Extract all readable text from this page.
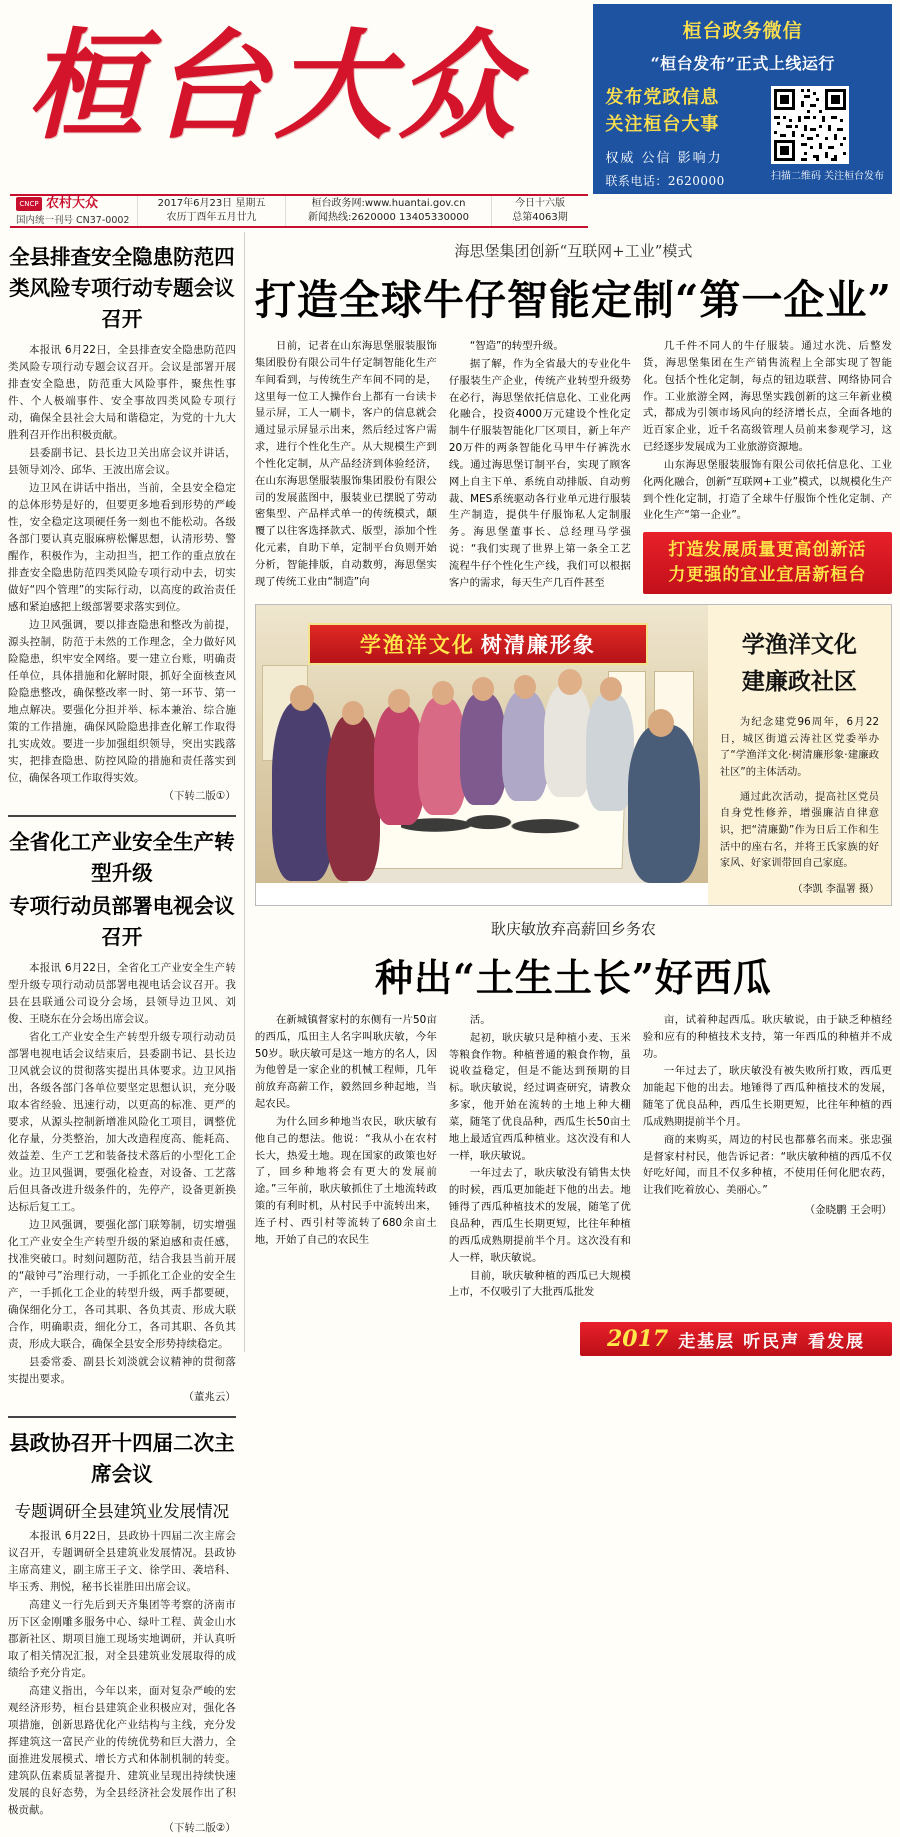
桓台大众	桓台政务微信
“桓台发布”正式上线运行
发布党政信息
关注桓台大事
权威 公信 影响力
联系电话：2620000	扫描二维码 关注桓台发布
CNCP 农村大众
国内统一刊号 CN37-0002
2017年6月23日 星期五
农历丁酉年五月廿九
桓台政务网:www.huantai.gov.cn
新闻热线:2620000 13405330000
今日十六版
总第4063期
全县排查安全隐患防范四类风险专项行动专题会议召开

本报讯 6月22日，全县排查安全隐患防范四类风险专项行动专题会议召开。会议是部署开展排查安全隐患，防范重大风险事件，聚焦性事件、个人极端事件、安全事故四类风险专项行动，确保全县社会大局和谐稳定，为党的十九大胜利召开作出积极贡献。

县委副书记、县长边卫关出席会议并讲话，县领导刘冷、邱华、王波出席会议。

边卫风在讲话中指出，当前，全县安全稳定的总体形势是好的，但要更多地看到形势的严峻性，安全稳定这项硬任务一刻也不能松动。各级各部门要认真克服麻痹松懈思想，认清形势、警醒作，积极作为，主动担当，把工作的重点放在排查安全隐患防范四类风险专项行动中去，切实做好“四个管理”的实际行动，以高度的政治责任感和紧迫感把上级部署要求落实到位。

边卫风强调，要以排查隐患和整改为前提，源头控制，防范于未然的工作理念，全力做好风险隐患，织牢安全网络。要一建立台账，明确责任单位，具体措施和化解时限，抓好全面核查风险隐患整改，确保整改率一时、第一环节、第一地点解决。要强化分担并举、标本兼治、综合施策的工作措施，确保风险隐患排查化解工作取得扎实成效。要进一步加强组织领导，突出实践落实，把排查隐患、防控风险的措施和责任落实到位，确保各项工作取得实效。

（下转二版①）

全省化工产业安全生产转型升级
专项行动员部署电视会议召开

本报讯 6月22日，全省化工产业安全生产转型升级专项行动动员部署电视电话会议召开。我县在县联通公司设分会场，县领导边卫风、刘俊、王晓东在分会场出席会议。

省化工产业安全生产转型升级专项行动动员部署电视电话会议结束后，县委副书记、县长边卫风就会议的贯彻落实提出具体要求。边卫风指出，各级各部门各单位要坚定思想认识，充分吸取本省经验、迅速行动，以更高的标准、更严的要求，从源头控制新增准风险化工项目，调整优化存量，分类整治，加大改造程度高、能耗高、效益差、生产工艺和装备技术落后的小型化工企业。边卫风强调，要强化检查，对设备、工艺落后但具备改进升级条件的，先停产，设备更新换达标后复工工。

边卫风强调，要强化部门联筹制，切实增强化工产业安全生产转型升级的紧迫感和责任感，找准突破口。时刻问题防范，结合我县当前开展的“敲钟弓”治理行动，一手抓化工企业的安全生产，一手抓化工企业的转型升级，两手都要硬，确保细化分工，各司其职、各负其责、形成大联合作，明确职责，细化分工，各司其职、各负其责，形成大联合，确保全县安全形势持续稳定。

县委常委、副县长刘淡就会议精神的贯彻落实提出要求。

（董兆云）

县政协召开十四届二次主席会议
专题调研全县建筑业发展情况

本报讯 6月22日，县政协十四届二次主席会议召开，专题调研全县建筑业发展情况。县政协主席高建义，副主席王子文、徐学田、袭培科、毕玉秀、荆悦，秘书长崔胜田出席会议。

高建义一行先后到天齐集团等考察的济南市历下区金刚雕多服务中心、绿叶工程、黄金山水郡新社区、期项目施工现场实地调研，并认真听取了相关情况汇报，对全县建筑业发展取得的成绩给予充分肯定。

高建义指出，今年以来，面对复杂严峻的宏观经济形势，桓台县建筑企业积极应对，强化各项措施，创新思路优化产业结构与主线，充分发挥建筑这一富民产业的传统优势和巨大潜力，全面推进发展模式、增长方式和体制机制的转变。建筑队伍素质显著提升、建筑业呈现出持续快速发展的良好态势，为全县经济社会发展作出了积极贡献。

（下转二版②）

海思堡集团创新“互联网+工业”模式
打造全球牛仔智能定制“第一企业”

日前，记者在山东海思堡服装服饰集团股份有限公司牛仔定制智能化生产车间看到，与传统生产车间不同的是，这里每一位工人操作台上都有一台读卡显示屏，工人一刷卡，客户的信息就会通过显示屏显示出来，然后经过客户需求，进行个性化生产。从大规模生产到个性化定制，从产品经济到体验经济，在山东海思堡服装服饰集团股份有限公司的发展蓝图中，服装业已摆脱了劳动密集型、产品样式单一的传统模式，颠覆了以往客选择款式、版型，添加个性化元素，自助下单，定制平台负则开始分析，智能排版，自动数剪，海思堡实现了传统工业由“制造”向

“智造”的转型升级。

据了解，作为全省最大的专业化牛仔服装生产企业，传统产业转型升级势在必行，海思堡依托信息化、工业化两化融合，投资4000万元建设个性化定制牛仔服装智能化厂区项目，新上年产20万件的两条智能化马甲牛仔裤洗水线。通过海思堡订制平台，实现了顾客网上自主下单、系统自动排版、自动剪裁、MES系统驱动各行业单元进行服装生产制造，提供牛仔服饰私人定制服务。海思堡董事长、总经理马学强说：“我们实现了世界上第一条全工艺流程牛仔个性化生产线，我们可以根据客户的需求，每天生产几百件甚至

几千件不同人的牛仔服装。通过水洗、后整发货，海思堡集团在生产销售流程上全部实现了智能化。包括个性化定制，每点的钮边联营、网络协同合作。工业旅游全网，海思堡实践创新的这三年新业模式，都成为引领市场风向的经济增长点，全面各地的近百家企业，近千名高级管理人员前来参观学习，这已经逐步发展成为工业旅游资源地。

山东海思堡服装服饰有限公司依托信息化、工业化两化融合，创新“互联网+工业”模式，以规模化生产到个性化定制，打造了全球牛仔服饰个性化定制、产业化生产“第一企业”。

打造发展质量更高创新活
力更强的宜业宜居新桓台
学渔洋文化 树清廉形象	学渔洋文化
建廉政社区

为纪念建党96周年，6月22日，城区街道云涛社区党委举办了“学渔洋文化·树清廉形象·建廉政社区”的主体活动。

通过此次活动，提高社区党员自身党性修养，增强廉洁自律意识，把“清廉勤”作为日后工作和生活中的座右名，并将王氏家族的好家风、好家训带回自己家庭。

（李凯 李温署 摄）
耿庆敏放弃高薪回乡务农
种出“土生土长”好西瓜

在新城镇督家村的东侧有一片50亩的西瓜，瓜田主人名字叫耿庆敏，今年50岁。耿庆敏可是这一地方的名人，因为他曾是一家企业的机械工程师，几年前放弃高薪工作，毅然回乡种起地，当起农民。

为什么回乡种地当农民，耿庆敏有他自己的想法。他说：“我从小在农村长大，热爱土地。现在国家的政策也好了，回乡种地将会有更大的发展前途。”三年前，耿庆敏抓住了土地流转政策的有利时机，从村民手中流转出来，连子村、西引村等流转了680余亩土地，开始了自己的农民生

活。

起初，耿庆敏只是种植小麦、玉米等粮食作物。种植普通的粮食作物，虽说收益稳定，但是不能达到预期的目标。耿庆敏说，经过调查研究，请教众多家，他开始在流转的土地上种大棚菜，随笔了优良品种，西瓜生长50亩土地上最适宜西瓜种植业。这次没有和人一样，耿庆敏说。

一年过去了，耿庆敏没有销售太快的时候，西瓜更加能赶下他的出去。地锤得了西瓜种植技术的发展，随笔了优良品种，西瓜生长期更短，比往年种植的西瓜成熟期提前半个月。这次没有和人一样，耿庆敏说。

目前，耿庆敏种植的西瓜已大规模上市，不仅吸引了大批西瓜批发

亩，试着种起西瓜。耿庆敏说，由于缺乏种植经验和应有的种植技术支持，第一年西瓜的种植并不成功。

一年过去了，耿庆敏没有被失败所打败，西瓜更加能起下他的出去。地锤得了西瓜种植技术的发展，随笔了优良品种，西瓜生长期更短，比往年种植的西瓜成熟期提前半个月。

商的来购买，周边的村民也都慕名而来。张忠强是督家村村民，他告诉记者：“耿庆敏种植的西瓜不仅好吃好闻，而且不仅多种植，不使用任何化肥农药，让我们吃着放心、美丽心。”

（金晓鹏 王会明）

2017 走基层 听民声 看发展
